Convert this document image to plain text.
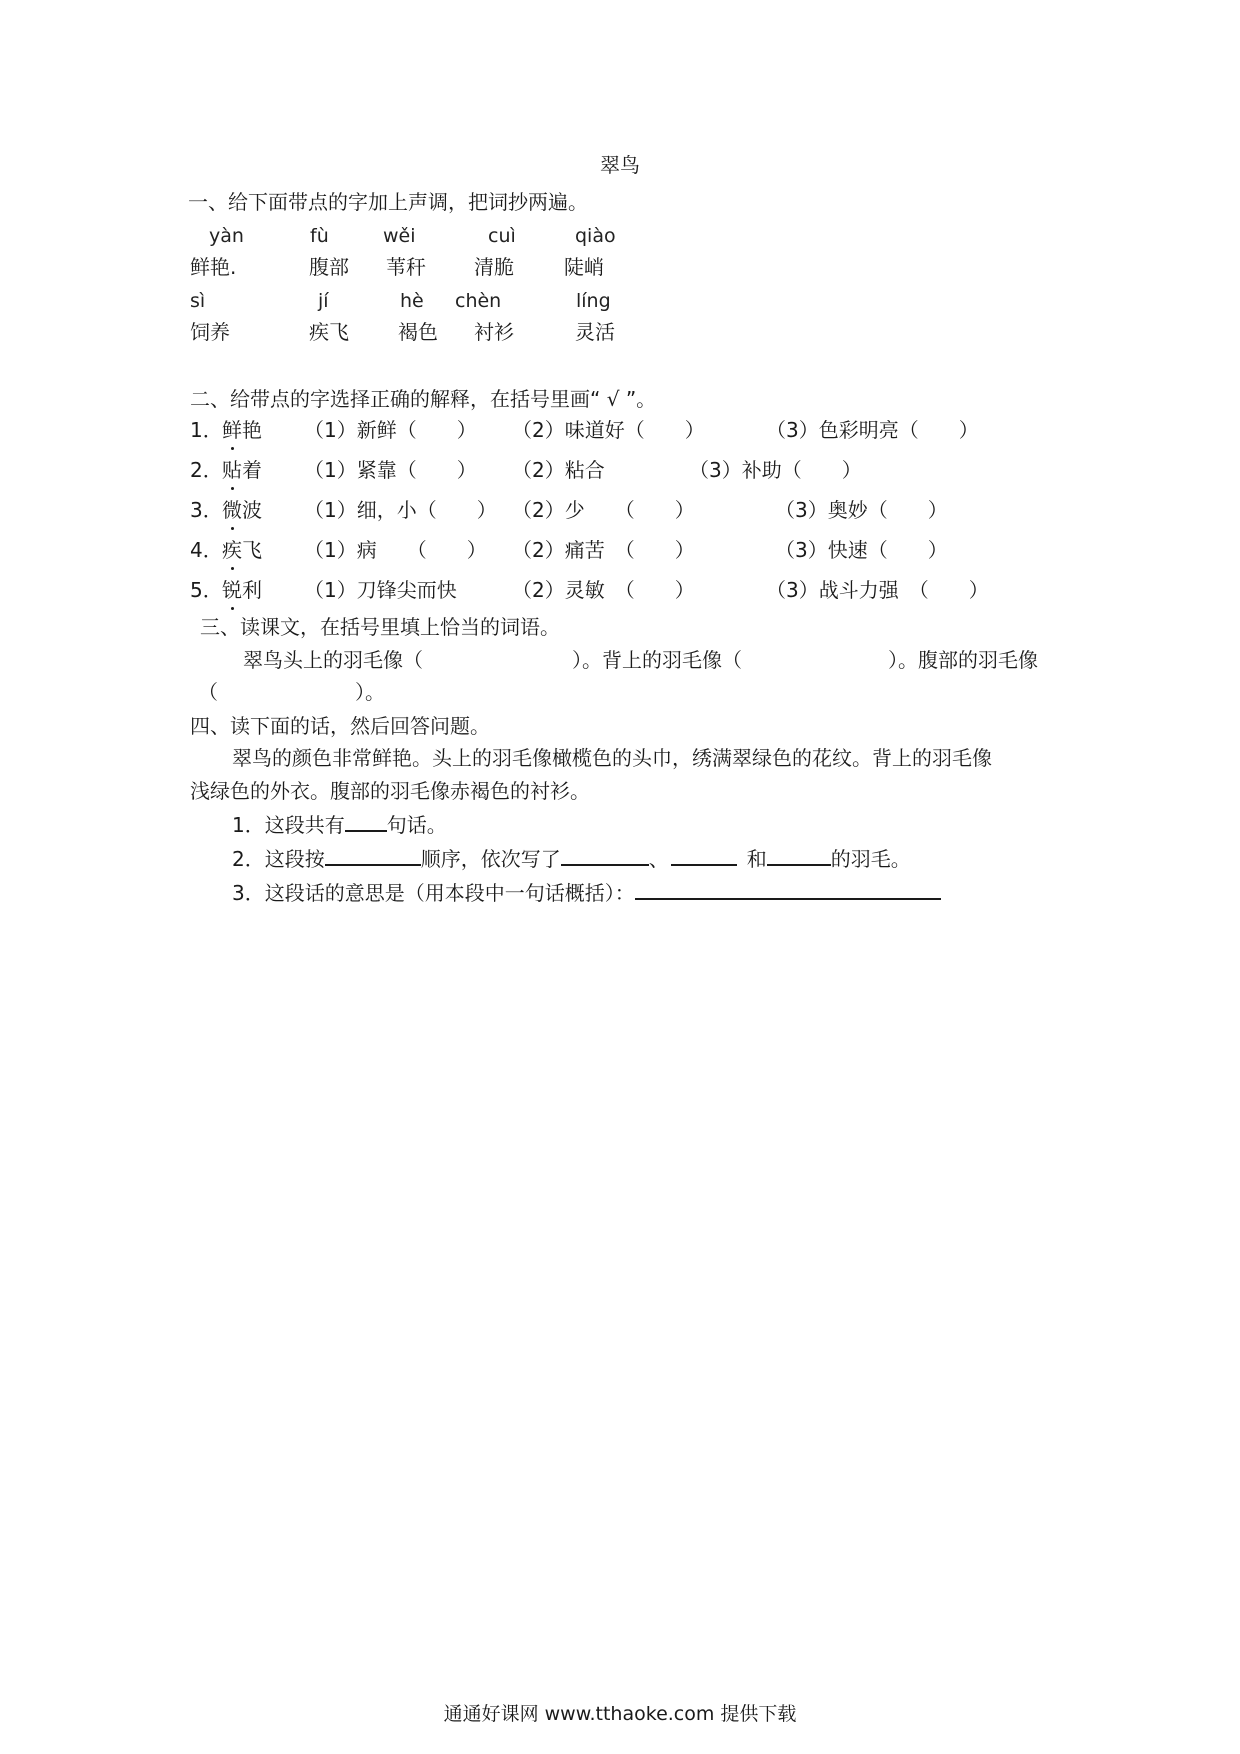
翠鸟
一、给下面带点的字加上声调，把词抄两遍。
yàn	fù	wěi	cuì	qiào
鲜艳.	腹部 苇秆 清脆	陡峭
sì	jí	hè chèn	líng
饲养	疾飞 褐色 衬衫	灵活
二、给带点的字选择正确的解释，在括号里画“ √ ”。
1． 鲜艳 （1）新鲜（　　） （2）味道好（　　）	（3）色彩明亮（　　）
2． 贴着 （1）紧靠（　　） （2）粘合	（3）补助（　　）
3． 微波 （1）细，小（　　） （2）少　　（　　）	（3）奥妙（　　）
4． 疾飞 （1）病　　（　　） （2）痛苦　（　　）	（3）快速（　　）
5． 锐利 （1）刀锋尖而快	（2）灵敏　（　　）	（3）战斗力强　（　　）
三、读课文，在括号里填上恰当的词语。
翠鸟头上的羽毛像（	）。背上的羽毛像（	）。腹部的羽毛像
（	）。
四、读下面的话，然后回答问题。
翠鸟的颜色非常鲜艳。头上的羽毛像橄榄色的头巾，绣满翠绿色的花纹。背上的羽毛像
浅绿色的外衣。腹部的羽毛像赤褐色的衬衫。
1．这段共有 句话。
2．这段按	顺序，依次写了	、	和	的羽毛。
3．这段话的意思是（用本段中一句话概括）：
通通好课网 www.tthaoke.com 提供下载
